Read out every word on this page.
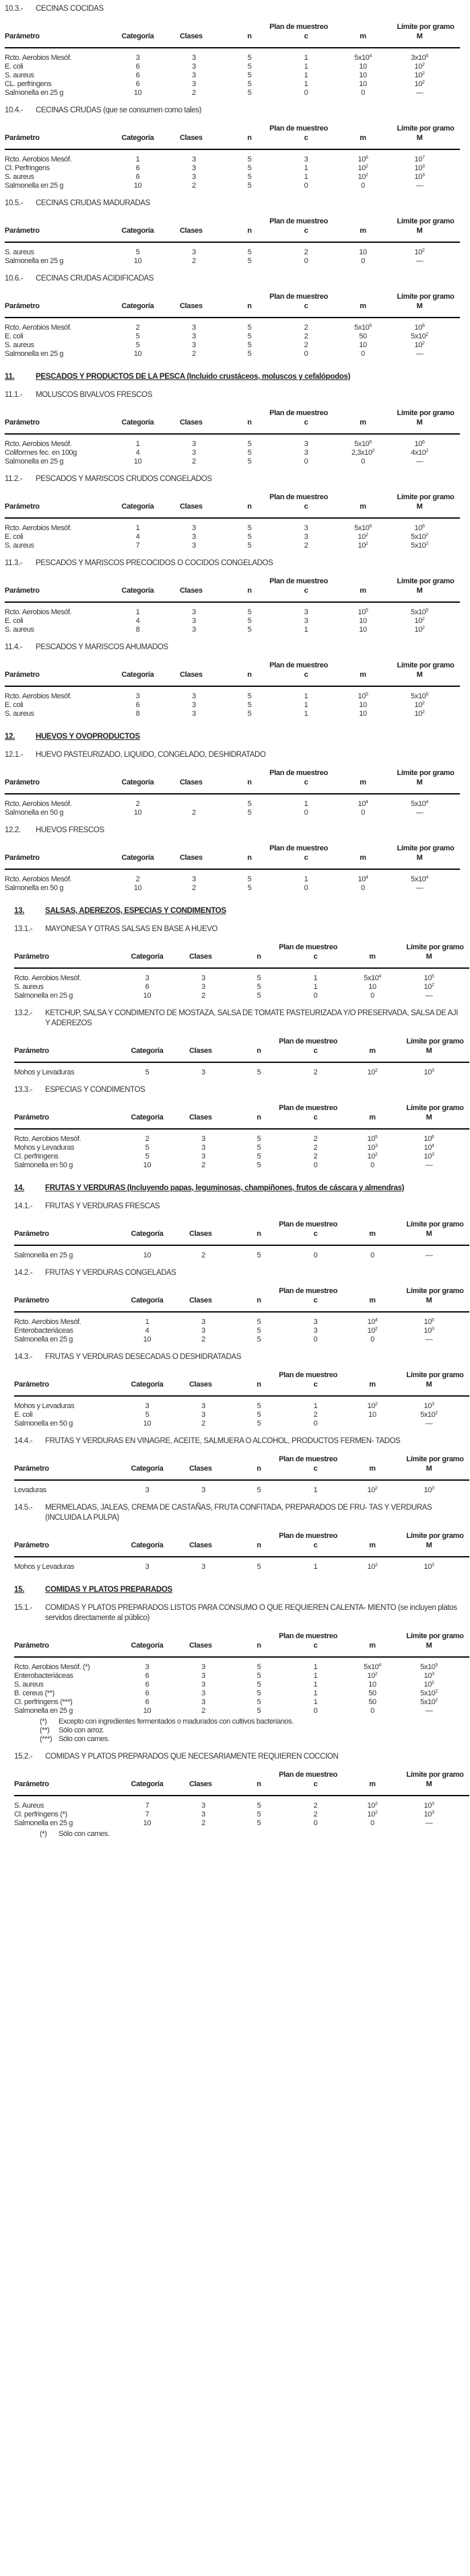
10.3.-	CECINAS COCIDAS
		Plan de muestreo				Límite por gramo		
Parámetro	Categoría	Clases	n	c	m	M		
Rcto. Aerobios Mesóf.	3	3	5	1	$5x10^4$	$3x10^5$	
E. coli	6	3	5	1	10	$10^2$	
S. aureus	6	3	5	1	10	$10^2$	
CL. perfringens	6	3	5	1	10	$10^2$	
Salmonella en 25 g	10	2	5	0	0	—		
10.4.-	CECINAS CRUDAS (que se consumen como tales)
		Plan de muestreo				Límite por gramo		
Parámetro	Categoría	Clases	n	c	m	M		
Rcto. Aerobios Mesóf.	1	3	5	3	$10^6$	$10^7$	
Cl. Perfringens	6	3	5	1	$10^2$	$10^3$	
S. aureus	6	3	5	1	$10^2$	$10^3$	
Salmonella en 25 g	10	2	5	0	0	—		
10.5.-	CECINAS CRUDAS MADURADAS
		Plan de muestreo				Límite por gramo		
Parámetro	Categoría	Clases	n	c	m	M		
S. aureus	5	3	5	2	10	$10^2$	
Salmonella en 25 g	10	2	5	0	0	—		
10.6.-	CECINAS CRUDAS ACIDIFICADAS
		Plan de muestreo				Límite por gramo		
Parámetro	Categoría	Clases	n	c	m	M		
Rcto. Aerobios Mesóf.	2	3	5	2	$5x10^5$	$10^6$	
E. coli	5	3	5	2	50	$5x10^2$	
S. aureus	5	3	5	2	10	$10^2$	
Salmonella en 25 g	10	2	5	0	0	—		
11.	PESCADOS Y PRODUCTOS DE LA PESCA (Incluido crustáceos, moluscos y cefalópodos)
11.1.-	MOLUSCOS BIVALVOS FRESCOS
		Plan de muestreo				Límite por gramo		
Parámetro	Categoría	Clases	n	c	m	M		
Rcto. Aerobios Mesóf.	1	3	5	3	$5x10^5$	$10^6$	
Coliformes fec. en 100g	4	3	5	3	$2,3x10^2$	$4x10^2$	
Salmonella en 25 g	10	2	5	0	0	—		
11.2.-	PESCADOS Y MARISCOS CRUDOS CONGELADOS
		Plan de muestreo				Límite por gramo		
Parámetro	Categoría	Clases	n	c	m	M		
Rcto. Aerobios Mesóf.	1	3	5	3	$5x10^5$	$10^6$	
E. coli	4	3	5	3	$10^2$	$5x10^2$	
S. aureus	7	3	5	2	$10^2$	$5x10^2$	
11.3.-	PESCADOS Y MARISCOS PRECOCIDOS O COCIDOS CONGELADOS
		Plan de muestreo				Límite por gramo		
Parámetro	Categoría	Clases	n	c	m	M		
Rcto. Aerobios Mesóf.	1	3	5	3	$10^5$	$5x10^5$	
E. coli	4	3	5	3	10	$10^2$	
S. aureus	8	3	5	1	10	$10^2$	
11.4.-	PESCADOS Y MARISCOS AHUMADOS
		Plan de muestreo				Límite por gramo		
Parámetro	Categoría	Clases	n	c	m	M		
Rcto. Aerobios Mesóf.	3	3	5	1	$10^5$	$5x10^5$	
E. coli	6	3	5	1	10	$10^2$	
S. aureus	8	3	5	1	10	$10^2$	
12.	HUEVOS Y OVOPRODUCTOS
12.1.-	HUEVO PASTEURIZADO, LIQUIDO, CONGELADO, DESHIDRATADO
		Plan de muestreo				Límite por gramo		
Parámetro	Categoría	Clases	n	c	m	M		
Rcto. Aerobios Mesóf.	2		5	1	$10^4$	$5x10^4$	
Salmonella en 50 g	10	2	5	0	0	—		
12.2.	HUEVOS FRESCOS
		Plan de muestreo				Límite por gramo		
Parámetro	Categoría	Clases	n	c	m	M		
Rcto. Aerobios Mesóf.	2	3	5	1	$10^4$	$5x10^4$	
Salmonella en 50 g	10	2	5	0	0	—		
13.	SALSAS, ADEREZOS, ESPECIAS Y CONDIMENTOS
13.1.-	MAYONESA Y OTRAS SALSAS EN BASE A HUEVO
		Plan de muestreo				Límite por gramo		
Parámetro	Categoría	Clases	n	c	m	M		
Rcto. Aerobios Mesóf.	3	3	5	1	$5x10^4$	$10^5$	
S. aureus	6	3	5	1	10	$10^2$	
Salmonella en 25 g	10	2	5	0	0	—		
13.2.-	KETCHUP, SALSA Y CONDIMENTO DE MOSTAZA, SALSA DE TOMATE PASTEURIZADA Y/O PRESERVADA, SALSA DE AJI Y ADEREZOS
		Plan de muestreo				Límite por gramo		
Parámetro	Categoría	Clases	n	c	m	M		
Mohos y Levaduras	5	3	5	2	$10^2$	$10^3$	
13.3.-	ESPECIAS Y CONDIMENTOS
		Plan de muestreo				Límite por gramo		
Parámetro	Categoría	Clases	n	c	m	M		
Rcto. Aerobios Mesóf.	2	3	5	2	$10^5$	$10^6$	
Mohos y Levaduras	5	3	5	2	$10^3$	$10^4$	
Cl. perfringens	5	3	5	2	$10^2$	$10^3$	
Salmonella en 50 g	10	2	5	0	0	—		
14.	FRUTAS Y VERDURAS (Incluyendo papas, leguminosas, champiñones, frutos de cáscara y almendras)
14.1.-	FRUTAS Y VERDURAS FRESCAS
		Plan de muestreo				Límite por gramo		
Parámetro	Categoría	Clases	n	c	m	M		
Salmonella en 25 g	10	2	5	0	0	—		
14.2.-	FRUTAS Y VERDURAS CONGELADAS
		Plan de muestreo				Límite por gramo		
Parámetro	Categoría	Clases	n	c	m	M		
Rcto. Aerobios Mesóf.	1	3	5	3	$10^4$	$10^5$	
Enterobacteriáceas	4	3	5	3	$10^2$	$10^3$	
Salmonella en 25 g	10	2	5	0	0	—		
14.3.-	FRUTAS Y VERDURAS DESECADAS O DESHIDRATADAS
		Plan de muestreo				Límite por gramo		
Parámetro	Categoría	Clases	n	c	m	M		
Mohos y Levaduras	3	3	5	1	$10^2$	$10^3$	
E. coli	5	3	5	2	10	$5x10^2$	
Salmonella en 50 g	10	2	5	0		—		
14.4.-	FRUTAS Y VERDURAS EN VINAGRE, ACEITE, SALMUERA O ALCOHOL, PRODUCTOS FERMEN- TADOS
		Plan de muestreo				Límite por gramo		
Parámetro	Categoría	Clases	n	c	m	M		
Levaduras	3	3	5	1	$10^2$	$10^3$	
14.5.-	MERMELADAS, JALEAS, CREMA DE CASTAÑAS, FRUTA CONFITADA, PREPARADOS DE FRU- TAS Y VERDURAS (INCLUIDA LA PULPA)
		Plan de muestreo				Límite por gramo		
Parámetro	Categoría	Clases	n	c	m	M		
Mohos y Levaduras	3	3	5	1	$10^2$	$10^3$	
15.	COMIDAS Y PLATOS PREPARADOS
15.1.-	COMIDAS Y PLATOS PREPARADOS LISTOS PARA CONSUMO O QUE REQUIEREN CALENTA- MIENTO (se incluyen platos servidos directamente al público)
		Plan de muestreo				Límite por gramo		
Parámetro	Categoría	Clases	n	c	m	M		
Rcto. Aerobios Mesóf. (*)	3	3	5	1	$5x10^4$	$5x10^5$	
Enterobacteriáceas	6	3	5	1	$10^2$	$10^3$	
S. aureus	6	3	5	1	10	$10^2$	
B. cereus (**)	6	3	5	1	50	$5x10^2$	
Cl. perfringens (***)	6	3	5	1	50	$5x10^2$	
Salmonella en 25 g	10	2	5	0	0	—		
(*)	Excepto con ingredientes fermentados o madurados con cultivos bacterianos.
(**)	Sólo con arroz.
(***) Sólo con carnes.
15.2.-	COMIDAS Y PLATOS PREPARADOS QUE NECESARIAMENTE REQUIEREN COCCION
		Plan de muestreo				Límite por gramo		
Parámetro	Categoría	Clases	n	c	m	M		
S. Aureus	7	3	5	2	$10^2$	$10^3$	
Cl. perfringens (*)	7	3	5	2	$10^2$	$10^3$	
Salmonella en 25 g	10	2	5	0	0	—		
(*)	Sólo con carnes.
